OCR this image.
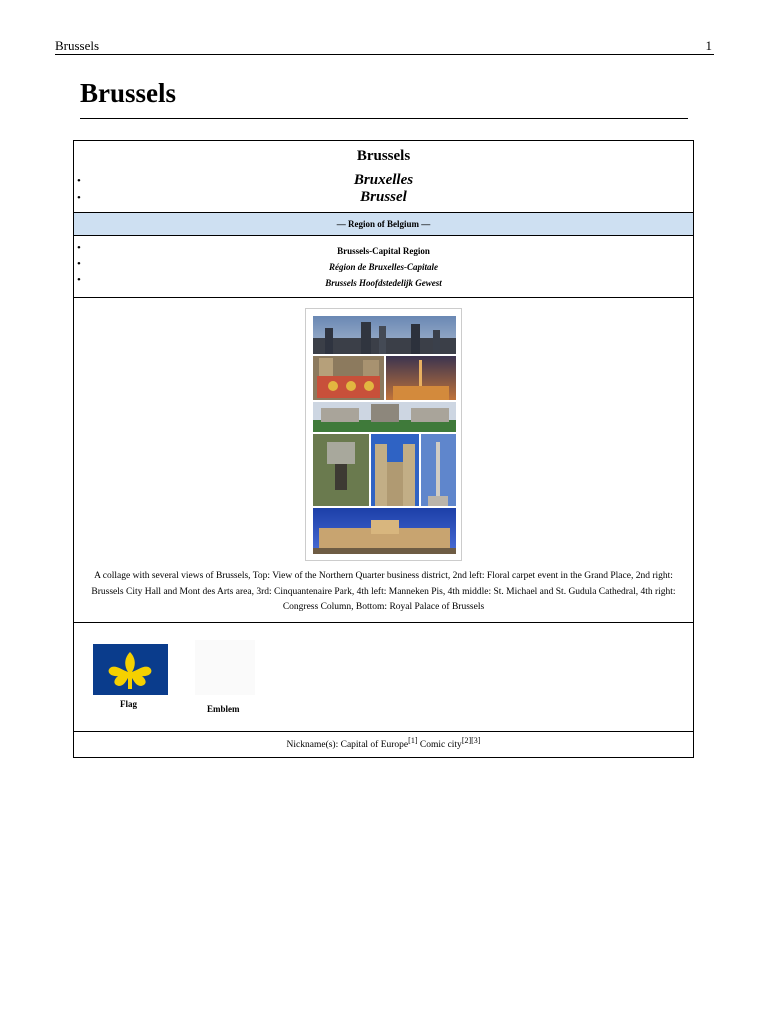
Brussels	1
Brussels
Brussels
•	Bruxelles
•	Brussel
— Region of Belgium —
•	Brussels-Capital Region
•	Région de Bruxelles-Capitale
•	Brussels Hoofdstedelijk Gewest
A collage with several views of Brussels, Top: View of the Northern Quarter business district, 2nd left: Floral carpet event in the Grand Place, 2nd right: Brussels City Hall and Mont des Arts area, 3rd: Cinquantenaire Park, 4th left: Manneken Pis, 4th middle: St. Michael and St. Gudula Cathedral, 4th right: Congress Column, Bottom: Royal Palace of Brussels
Flag	Emblem
Nickname(s): Capital of Europe[1] Comic city[2][3]
